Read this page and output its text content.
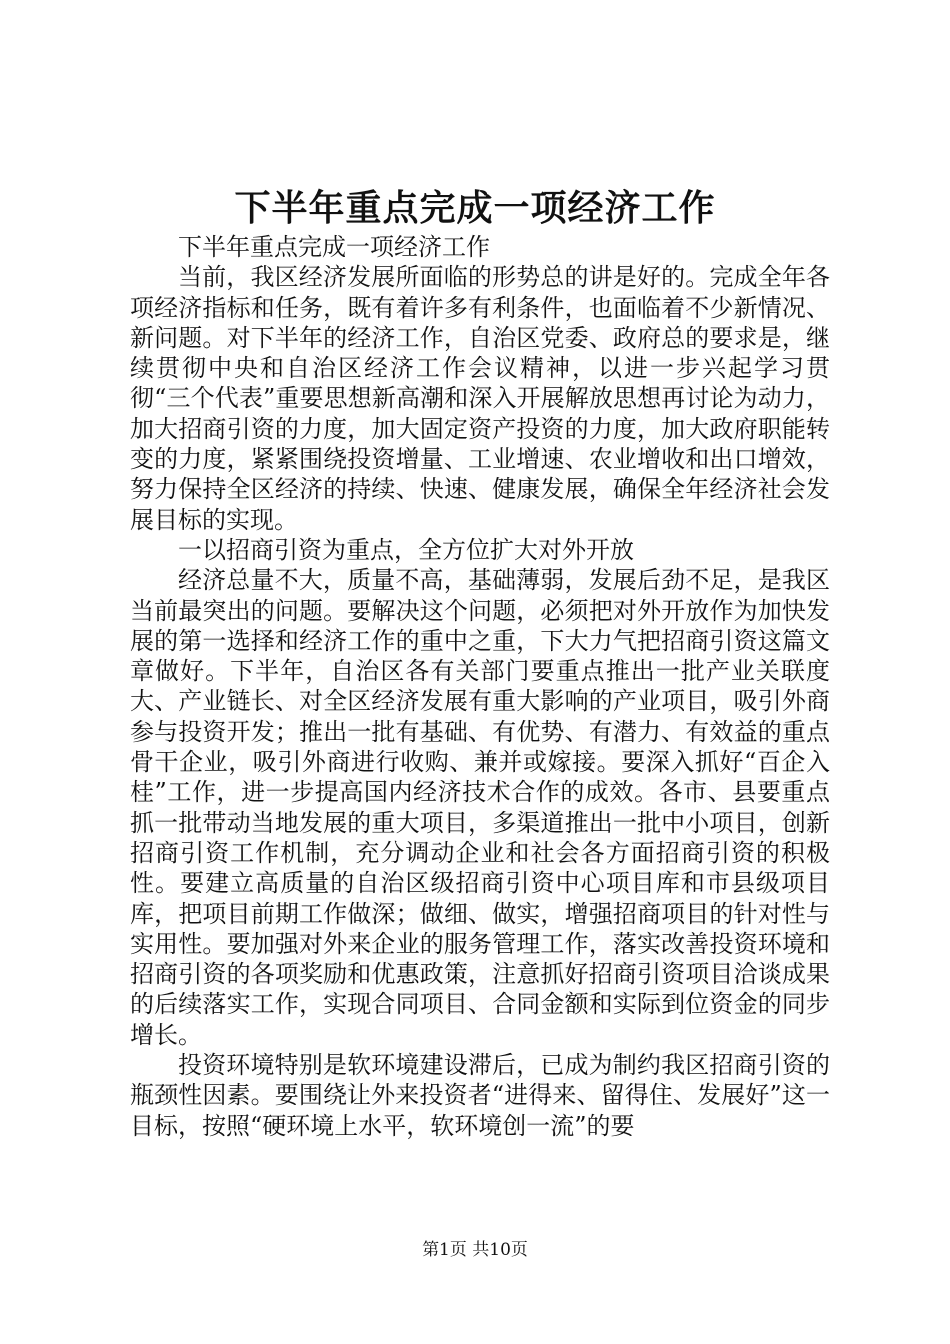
下半年重点完成一项经济工作

下半年重点完成一项经济工作

当前，我区经济发展所面临的形势总的讲是好的。完成全年各项经济指标和任务，既有着许多有利条件，也面临着不少新情况、新问题。对下半年的经济工作，自治区党委、政府总的要求是，继续贯彻中央和自治区经济工作会议精神，以进一步兴起学习贯彻“三个代表”重要思想新高潮和深入开展解放思想再讨论为动力，加大招商引资的力度，加大固定资产投资的力度，加大政府职能转变的力度，紧紧围绕投资增量、工业增速、农业增收和出口增效，努力保持全区经济的持续、快速、健康发展，确保全年经济社会发展目标的实现。

一以招商引资为重点，全方位扩大对外开放

经济总量不大，质量不高，基础薄弱，发展后劲不足，是我区当前最突出的问题。要解决这个问题，必须把对外开放作为加快发展的第一选择和经济工作的重中之重，下大力气把招商引资这篇文章做好。下半年，自治区各有关部门要重点推出一批产业关联度大、产业链长、对全区经济发展有重大影响的产业项目，吸引外商参与投资开发；推出一批有基础、有优势、有潜力、有效益的重点骨干企业，吸引外商进行收购、兼并或嫁接。要深入抓好“百企入桂”工作，进一步提高国内经济技术合作的成效。各市、县要重点抓一批带动当地发展的重大项目，多渠道推出一批中小项目，创新招商引资工作机制，充分调动企业和社会各方面招商引资的积极性。要建立高质量的自治区级招商引资中心项目库和市县级项目库，把项目前期工作做深；做细、做实，增强招商项目的针对性与实用性。要加强对外来企业的服务管理工作，落实改善投资环境和招商引资的各项奖励和优惠政策，注意抓好招商引资项目洽谈成果的后续落实工作，实现合同项目、合同金额和实际到位资金的同步增长。

投资环境特别是软环境建设滞后，已成为制约我区招商引资的瓶颈性因素。要围绕让外来投资者“进得来、留得住、发展好”这一目标，按照“硬环境上水平，软环境创一流”的要

第1页 共10页
